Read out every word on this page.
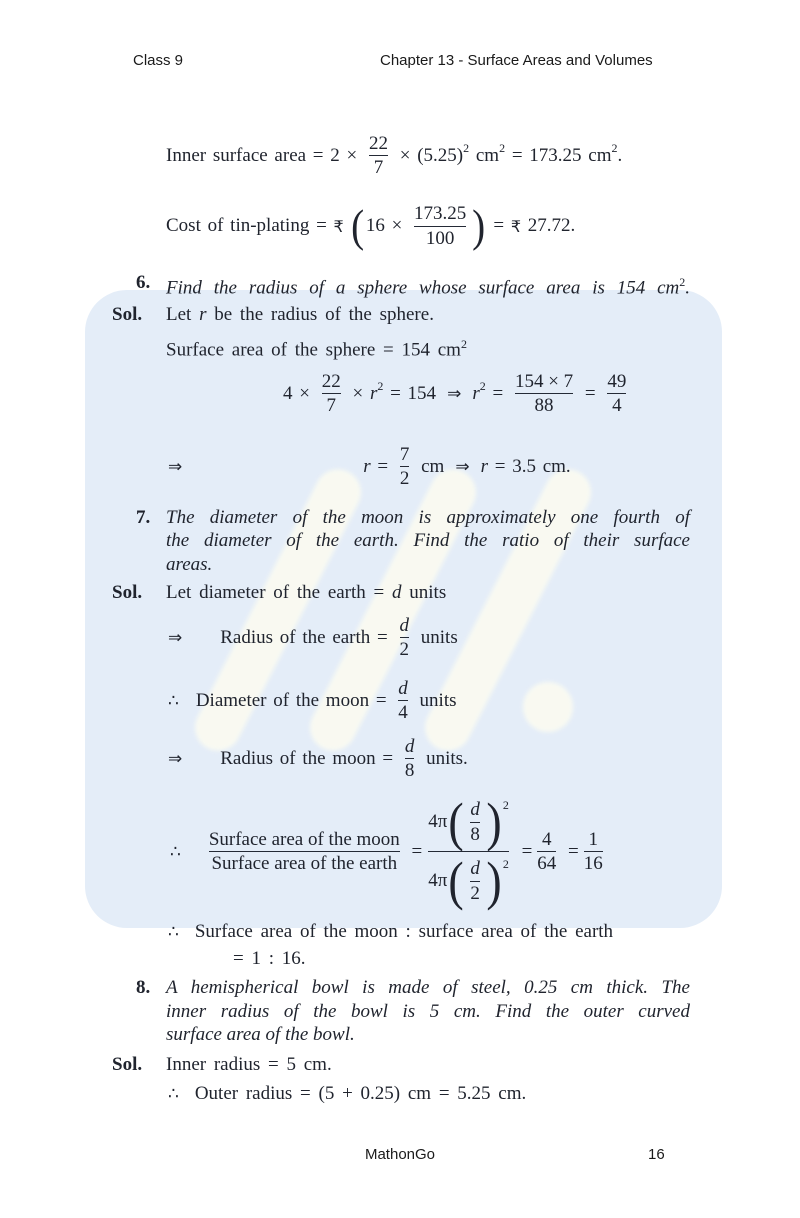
Class 9	Chapter 13 - Surface Areas and Volumes
Inner surface area = $2 \times \frac{22}{7} \times (5.25)$ 2 cm 2 = 173.25 cm 2 .
Cost of tin-plating = ₹
( $16 \times \frac{173.25}{100}$ ) = ₹ 27.72.
6. Find the radius of a sphere whose surface area is 154 $cm^2$.
Sol. Let r be the radius of the sphere.
Surface area of the sphere = 154 $cm^2$
$4 \times \frac{22}{7} \times r$ 2 = 154 ⇒ r $2 = \frac{154 \times 7}{88} = \frac{49}{4}$
⇒	$r = \frac{7}{2}$ cm ⇒ r = 3.5 cm.
7. The diameter of the moon is approximately one fourth of
the diameter of the earth. Find the ratio of their surface
areas.
Sol. Let diameter of the earth = d units
⇒ Radius of the earth = $\frac{d}{2}$ units
∴ Diameter of the moon = $\frac{d}{4}$ units
⇒ Radius of the moon = $\frac{d}{8}$ units.
∴ $\frac{\text{Surface area of the moon}}{\text{Surface area of the earth}}$
=
4π ( $\frac{d}{8}$ ) 2
4π ( $\frac{d}{2}$ ) 2

= $\frac{4}{64}$
= $\frac{1}{16}$
∴ Surface area of the moon : surface area of the earth
= 1 : 16.
8. A hemispherical bowl is made of steel, 0.25 cm thick. The
inner radius of the bowl is 5 cm. Find the outer curved
surface area of the bowl.
Sol. Inner radius = 5 cm.
∴ Outer radius = (5 + 0.25) cm = 5.25 cm.
MathonGo	16
